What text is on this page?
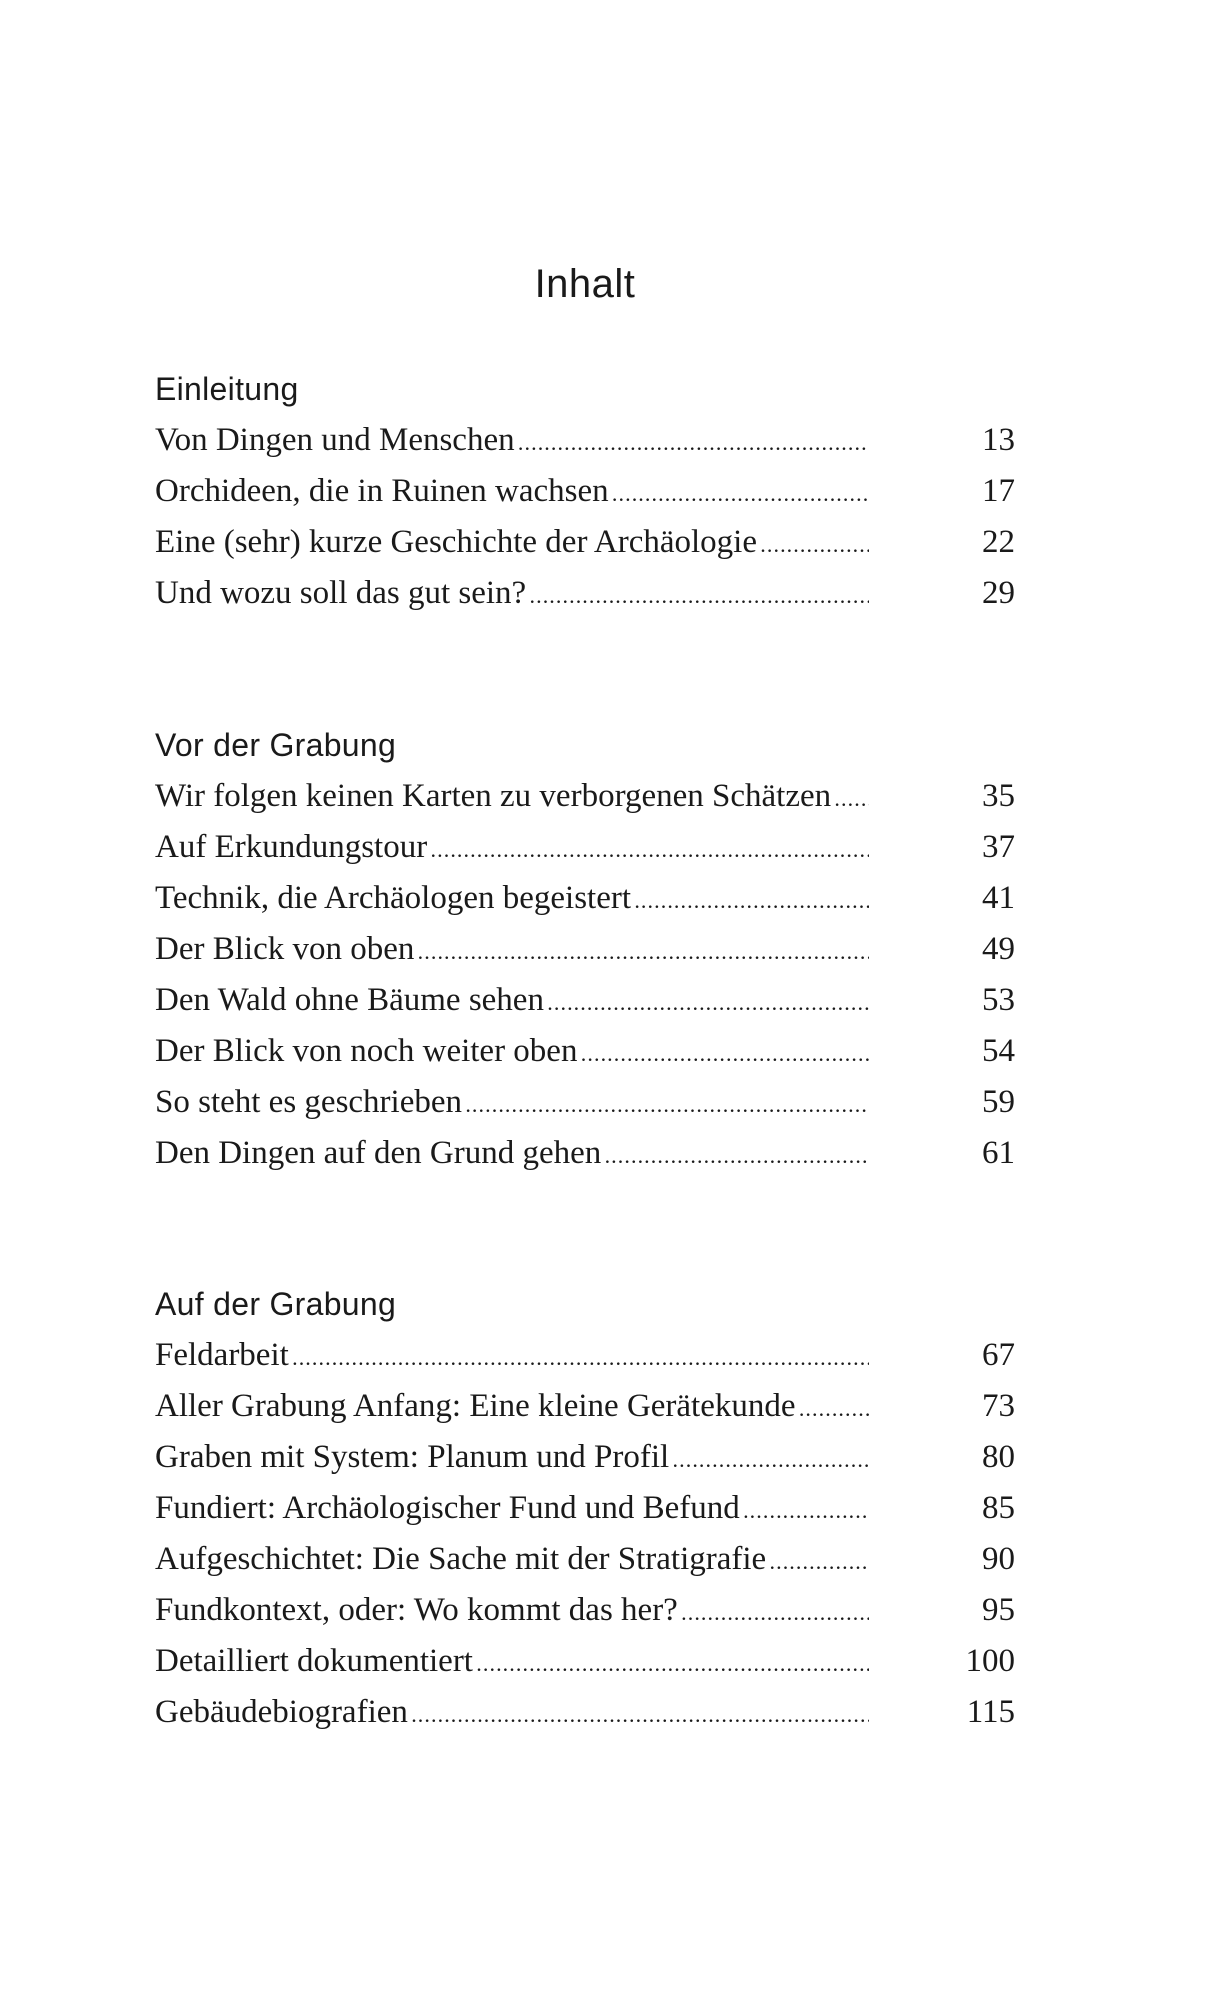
Inhalt
Einleitung
Von Dingen und Menschen . . .	13
Orchideen, die in Ruinen wachsen . . .	17
Eine (sehr) kurze Geschichte der Archäologie . . .	22
Und wozu soll das gut sein? . . .	29
Vor der Grabung
Wir folgen keinen Karten zu verborgenen Schätzen . . .	35
Auf Erkundungstour . . .	37
Technik, die Archäologen begeistert . . .	41
Der Blick von oben . . .	49
Den Wald ohne Bäume sehen . . .	53
Der Blick von noch weiter oben . . .	54
So steht es geschrieben . . .	59
Den Dingen auf den Grund gehen . . .	61
Auf der Grabung
Feldarbeit . . .	67
Aller Grabung Anfang: Eine kleine Gerätekunde . . .	73
Graben mit System: Planum und Profil . . .	80
Fundiert: Archäologischer Fund und Befund . . .	85
Aufgeschichtet: Die Sache mit der Stratigrafie . . .	90
Fundkontext, oder: Wo kommt das her? . . .	95
Detailliert dokumentiert . . .	100
Gebäudebiografien . . .	115
